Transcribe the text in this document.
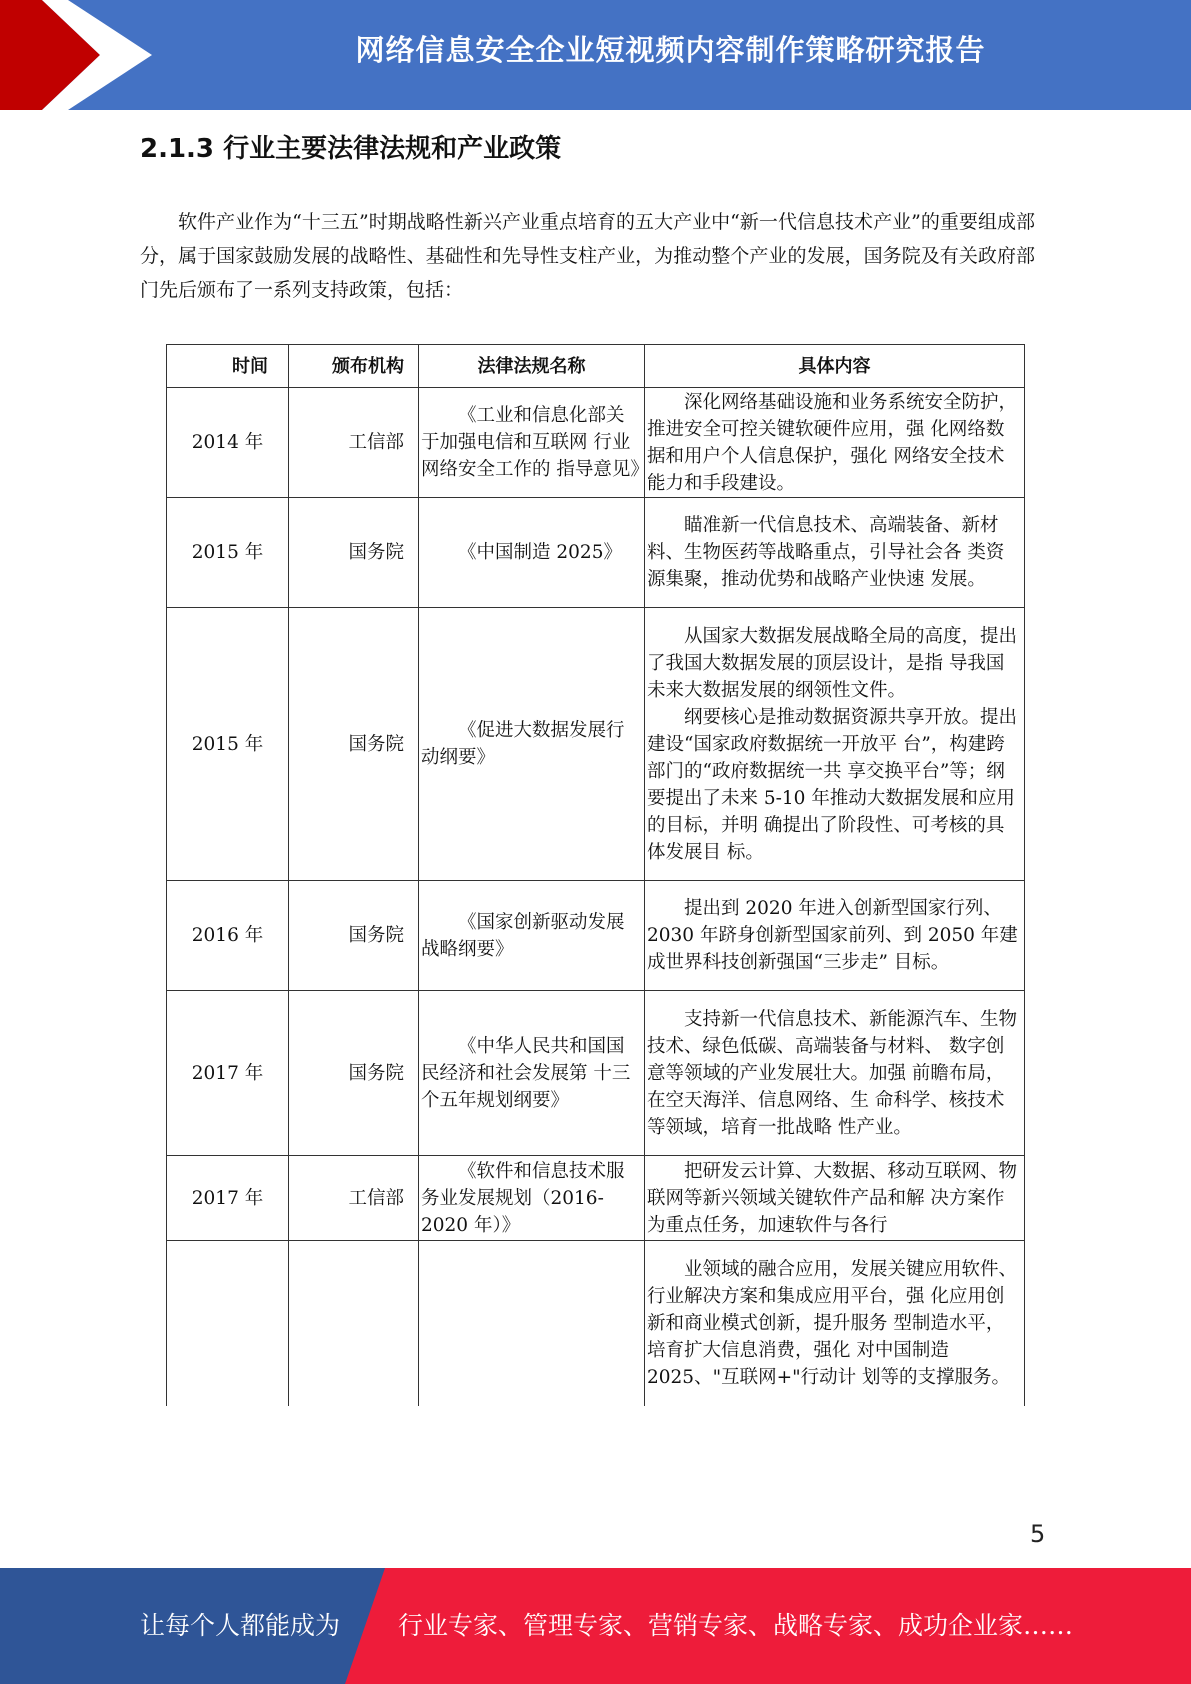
网络信息安全企业短视频内容制作策略研究报告
2.1.3 行业主要法律法规和产业政策
软件产业作为“十三五”时期战略性新兴产业重点培育的五大产业中“新一代信息技术产业”的重要组成部分，属于国家鼓励发展的战略性、基础性和先导性支柱产业，为推动整个产业的发展，国务院及有关政府部门先后颁布了一系列支持政策，包括：
时间	颁布机构	法律法规名称	具体内容
2014 年	工信部	《工业和信息化部关于加强电信和互联网 行业网络安全工作的 指导意见》	深化网络基础设施和业务系统安全防护，推进安全可控关键软硬件应用，强 化网络数据和用户个人信息保护，强化 网络安全技术能力和手段建设。

2015 年	国务院	《中国制造 2025》	瞄准新一代信息技术、高端装备、新材料、生物医药等战略重点，引导社会各 类资源集聚，推动优势和战略产业快速 发展。

2015 年	国务院	《促进大数据发展行动纲要》	从国家大数据发展战略全局的高度，提出了我国大数据发展的顶层设计，是指 导我国未来大数据发展的纲领性文件。

纲要核心是推动数据资源共享开放。提出建设“国家政府数据统一开放平 台”，构建跨部门的“政府数据统一共 享交换平台”等；纲要提出了未来 5-10 年推动大数据发展和应用的目标，并明 确提出了阶段性、可考核的具体发展目 标。

2016 年	国务院	《国家创新驱动发展战略纲要》	提出到 2020 年进入创新型国家行列、2030 年跻身创新型国家前列、到 2050 年建成世界科技创新强国“三步走” 目标。

2017 年	国务院	《中华人民共和国国民经济和社会发展第 十三个五年规划纲要》	支持新一代信息技术、新能源汽车、生物技术、绿色低碳、高端装备与材料、 数字创意等领域的产业发展壮大。加强 前瞻布局，在空天海洋、信息网络、生 命科学、核技术等领域，培育一批战略 性产业。

2017 年	工信部	《软件和信息技术服务业发展规划（2016-2020 年）》	把研发云计算、大数据、移动互联网、物联网等新兴领域关键软件产品和解 决方案作为重点任务，加速软件与各行

			业领域的融合应用，发展关键应用软件、行业解决方案和集成应用平台，强 化应用创新和商业模式创新，提升服务 型制造水平，培育扩大信息消费，强化 对中国制造 2025、"互联网+"行动计 划等的支撑服务。

5
让每个人都能成为 行业专家、管理专家、营销专家、战略专家、成功企业家……
